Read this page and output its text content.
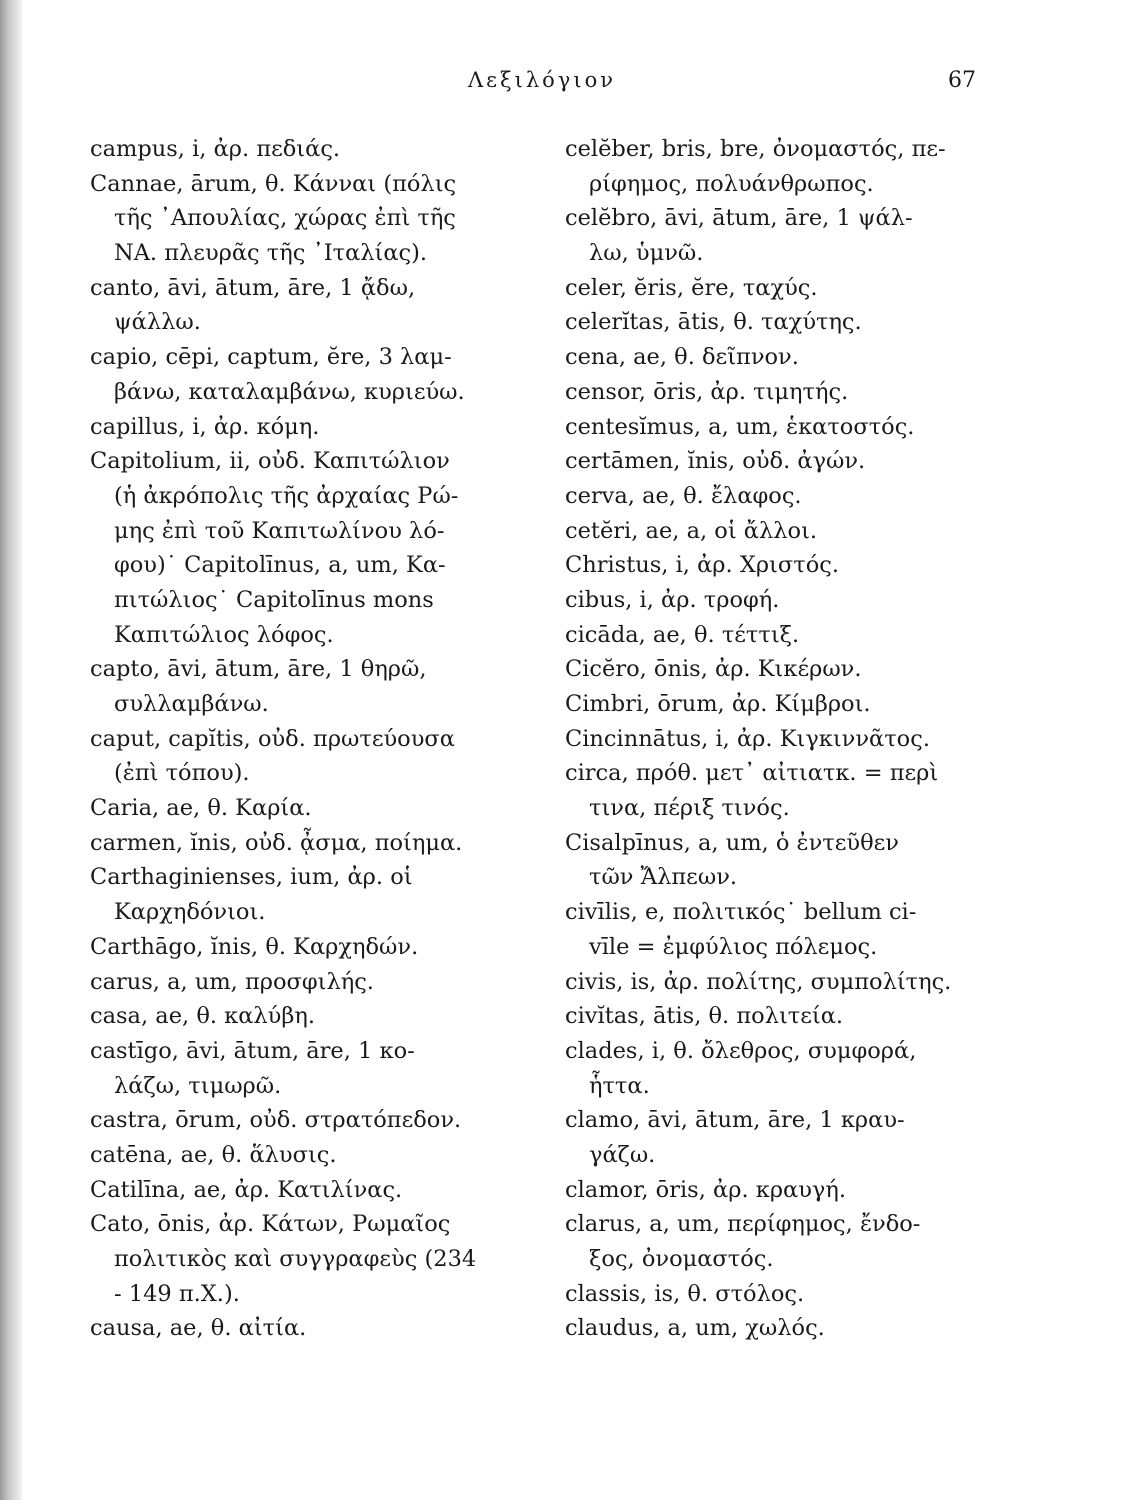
Λεξιλόγιον	67
campus, i, ἀρ. πεδιάς.
Cannae, ārum, θ. Κάνναι (πόλις
τῆς ᾿Απουλίας, χώρας ἐπὶ τῆς
ΝΑ. πλευρᾶς τῆς ᾿Ιταλίας).
canto, āvi, ātum, āre, 1 ᾄδω,
ψάλλω.
capio, cēpi, captum, ĕre, 3 λαμ-
βάνω, καταλαμβάνω, κυριεύω.
capillus, i, ἀρ. κόμη.
Capitolium, ii, οὐδ. Καπιτώλιον
(ἡ ἀκρόπολις τῆς ἀρχαίας Ρώ-
μης ἐπὶ τοῦ Καπιτωλίνου λό-
φου)˙ Capitolīnus, a, um, Κα-
πιτώλιος˙ Capitolīnus mons
Καπιτώλιος λόφος.
capto, āvi, ātum, āre, 1 θηρῶ,
συλλαμβάνω.
caput, capĭtis, οὐδ. πρωτεύουσα
(ἐπὶ τόπου).
Caria, ae, θ. Καρία.
carmen, ĭnis, οὐδ. ᾆσμα, ποίημα.
Carthaginienses, ium, ἀρ. οἱ
Καρχηδόνιοι.
Carthāgo, ĭnis, θ. Καρχηδών.
carus, a, um, προσφιλής.
casa, ae, θ. καλύβη.
castīgo, āvi, ātum, āre, 1 κο-
λάζω, τιμωρῶ.
castra, ōrum, οὐδ. στρατόπεδον.
catēna, ae, θ. ἅλυσις.
Catilīna, ae, ἀρ. Κατιλίνας.
Cato, ōnis, ἀρ. Κάτων, Ρωμαῖος
πολιτικὸς καὶ συγγραφεὺς (234
- 149 π.Χ.).
causa, ae, θ. αἰτία.
celĕber, bris, bre, ὀνομαστός, πε-
ρίφημος, πολυάνθρωπος.
celĕbro, āvi, ātum, āre, 1 ψάλ-
λω, ὑμνῶ.
celer, ĕris, ĕre, ταχύς.
celerĭtas, ātis, θ. ταχύτης.
cena, ae, θ. δεῖπνον.
censor, ōris, ἀρ. τιμητής.
centesĭmus, a, um, ἑκατοστός.
certāmen, ĭnis, οὐδ. ἀγών.
cerva, ae, θ. ἔλαφος.
cetĕri, ae, a, οἱ ἄλλοι.
Christus, i, ἀρ. Χριστός.
cibus, i, ἀρ. τροφή.
cicāda, ae, θ. τέττιξ.
Cicĕro, ōnis, ἀρ. Κικέρων.
Cimbri, ōrum, ἀρ. Κίμβροι.
Cincinnātus, i, ἀρ. Κιγκιννᾶτος.
circa, πρόθ. μετ᾿ αἰτιατκ. = περὶ
τινα, πέριξ τινός.
Cisalpīnus, a, um, ὁ ἐντεῦθεν
τῶν Ἄλπεων.
civīlis, e, πολιτικός˙ bellum ci-
vīle = ἐμφύλιος πόλεμος.
civis, is, ἀρ. πολίτης, συμπολίτης.
civĭtas, ātis, θ. πολιτεία.
clades, i, θ. ὄλεθρος, συμφορά,
ἧττα.
clamo, āvi, ātum, āre, 1 κραυ-
γάζω.
clamor, ōris, ἀρ. κραυγή.
clarus, a, um, περίφημος, ἔνδο-
ξος, ὀνομαστός.
classis, is, θ. στόλος.
claudus, a, um, χωλός.
